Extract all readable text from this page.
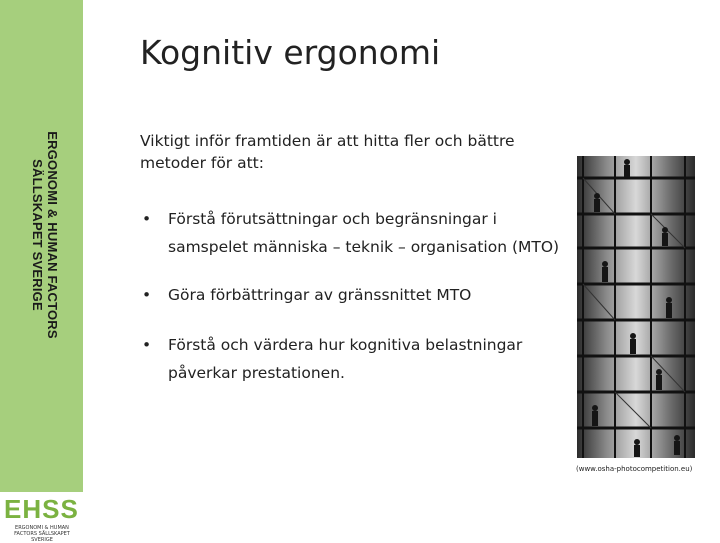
ERGONOMI & HUMAN FACTORS
SÄLLSKAPET SVERIGE
EHSS
ERGONOMI & HUMAN FACTORS SÄLLSKAPET SVERIGE
Kognitiv ergonomi
Viktigt inför framtiden är att hitta fler och bättre metoder för att:
• Förstå förutsättningar och begränsningar i samspelet människa – teknik – organisation (MTO)
• Göra förbättringar av gränssnittet MTO
• Förstå och värdera hur kognitiva belastningar påverkar prestationen.
(www.osha-photocompetition.eu)
